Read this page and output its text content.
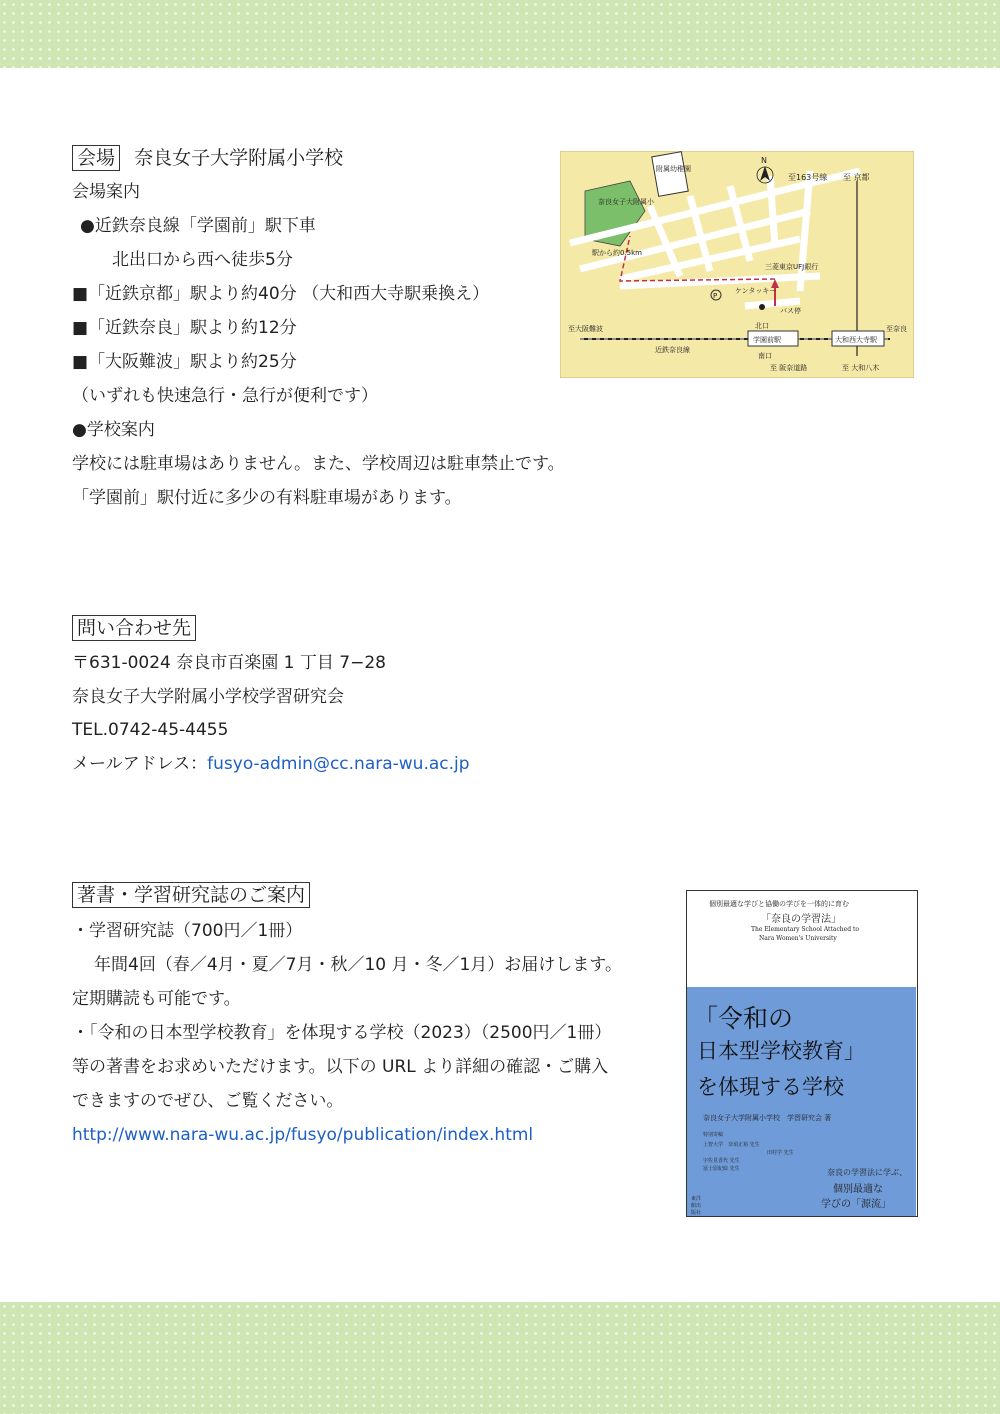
会場 奈良女子大学附属小学校
会場案内
●近鉄奈良線「学園前」駅下車
北出口から西へ徒歩5分
■「近鉄京都」駅より約40分 （大和西大寺駅乗換え）
■「近鉄奈良」駅より約12分
■「大阪難波」駅より約25分
（いずれも快速急行・急行が便利です）
●学校案内
学校には駐車場はありません。また、学校周辺は駐車禁止です。
「学園前」駅付近に多少の有料駐車場があります。
N
至163号線 至 京都
附属幼稚園
奈良女子大附属小
駅から約0.5km
三菱東京UFJ銀行
P
ケンタッキー
バス停
北口
学園前駅
南口
近鉄奈良線
至大阪難波
大和西大寺駅
至奈良
至 阪奈道路	至 大和八木
問い合わせ先
〒631-0024 奈良市百楽園 1 丁目 7−28
奈良女子大学附属小学校学習研究会
TEL.0742-45-4455
メールアドレス：fusyo-admin@cc.nara-wu.ac.jp
著書・学習研究誌のご案内
・学習研究誌（700円／1冊）
年間4回（春／4月・夏／7月・秋／10 月・冬／1月）お届けします。
定期購読も可能です。
・「令和の日本型学校教育」を体現する学校（2023）（2500円／1冊）
等の著書をお求めいただけます。以下の URL より詳細の確認・ご購入
できますのでぜひ、ご覧ください。
http://www.nara-wu.ac.jp/fusyo/publication/index.html
個別最適な学びと協働の学びを一体的に育む
「奈良の学習法」
The Elementary School Attached to
Nara Women's University
「令和の
日本型学校教育」
を体現する学校
奈良女子大学附属小学校　学習研究会 著
特別寄稿
上智大学　奈須正裕 先生
田村学 先生
宇佐見香代 先生
冨士原紀絵 先生	奈良の学習法に学ぶ、
個別最適な
学びの「源流」
東洋館出版社
